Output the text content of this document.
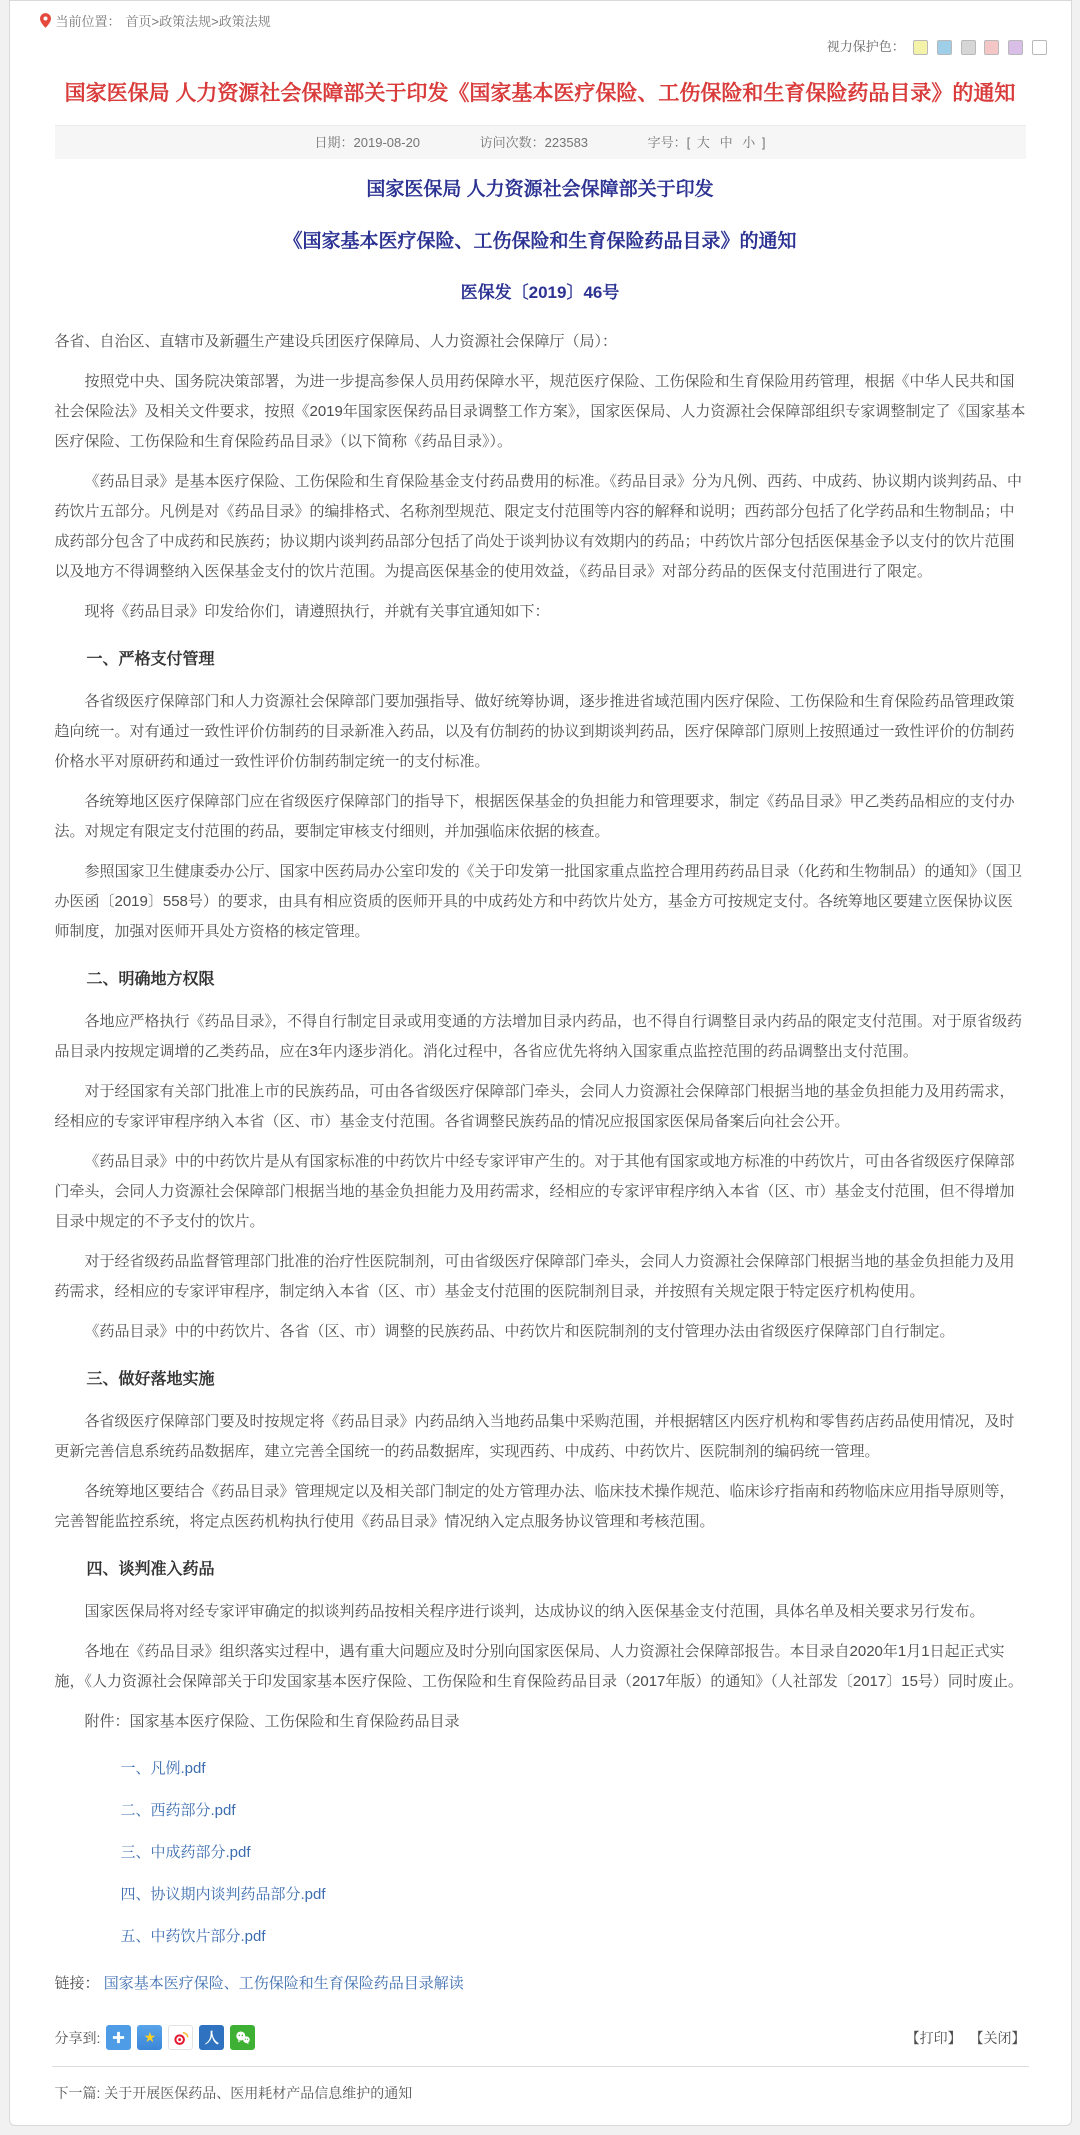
当前位置： 首页>政策法规>政策法规
视力保护色：
国家医保局 人力资源社会保障部关于印发《国家基本医疗保险、工伤保险和生育保险药品目录》的通知
日期：2019-08-20	访问次数：223583	字号：[ 大 中 小 ]
国家医保局 人力资源社会保障部关于印发
《国家基本医疗保险、工伤保险和生育保险药品目录》的通知
医保发〔2019〕46号

各省、自治区、直辖市及新疆生产建设兵团医疗保障局、人力资源社会保障厅（局）：

按照党中央、国务院决策部署，为进一步提高参保人员用药保障水平，规范医疗保险、工伤保险和生育保险用药管理，根据《中华人民共和国社会保险法》及相关文件要求，按照《2019年国家医保药品目录调整工作方案》，国家医保局、人力资源社会保障部组织专家调整制定了《国家基本医疗保险、工伤保险和生育保险药品目录》（以下简称《药品目录》）。

《药品目录》是基本医疗保险、工伤保险和生育保险基金支付药品费用的标准。《药品目录》分为凡例、西药、中成药、协议期内谈判药品、中药饮片五部分。凡例是对《药品目录》的编排格式、名称剂型规范、限定支付范围等内容的解释和说明；西药部分包括了化学药品和生物制品；中成药部分包含了中成药和民族药；协议期内谈判药品部分包括了尚处于谈判协议有效期内的药品；中药饮片部分包括医保基金予以支付的饮片范围以及地方不得调整纳入医保基金支付的饮片范围。为提高医保基金的使用效益，《药品目录》对部分药品的医保支付范围进行了限定。

现将《药品目录》印发给你们，请遵照执行，并就有关事宜通知如下：

一、严格支付管理

各省级医疗保障部门和人力资源社会保障部门要加强指导、做好统筹协调，逐步推进省域范围内医疗保险、工伤保险和生育保险药品管理政策趋向统一。对有通过一致性评价仿制药的目录新准入药品，以及有仿制药的协议到期谈判药品，医疗保障部门原则上按照通过一致性评价的仿制药价格水平对原研药和通过一致性评价仿制药制定统一的支付标准。

各统筹地区医疗保障部门应在省级医疗保障部门的指导下，根据医保基金的负担能力和管理要求，制定《药品目录》甲乙类药品相应的支付办法。对规定有限定支付范围的药品，要制定审核支付细则，并加强临床依据的核查。

参照国家卫生健康委办公厅、国家中医药局办公室印发的《关于印发第一批国家重点监控合理用药药品目录（化药和生物制品）的通知》（国卫办医函〔2019〕558号）的要求，由具有相应资质的医师开具的中成药处方和中药饮片处方，基金方可按规定支付。各统筹地区要建立医保协议医师制度，加强对医师开具处方资格的核定管理。

二、明确地方权限

各地应严格执行《药品目录》，不得自行制定目录或用变通的方法增加目录内药品，也不得自行调整目录内药品的限定支付范围。对于原省级药品目录内按规定调增的乙类药品，应在3年内逐步消化。消化过程中，各省应优先将纳入国家重点监控范围的药品调整出支付范围。

对于经国家有关部门批准上市的民族药品，可由各省级医疗保障部门牵头，会同人力资源社会保障部门根据当地的基金负担能力及用药需求，经相应的专家评审程序纳入本省（区、市）基金支付范围。各省调整民族药品的情况应报国家医保局备案后向社会公开。

《药品目录》中的中药饮片是从有国家标准的中药饮片中经专家评审产生的。对于其他有国家或地方标准的中药饮片，可由各省级医疗保障部门牵头，会同人力资源社会保障部门根据当地的基金负担能力及用药需求，经相应的专家评审程序纳入本省（区、市）基金支付范围，但不得增加目录中规定的不予支付的饮片。

对于经省级药品监督管理部门批准的治疗性医院制剂，可由省级医疗保障部门牵头，会同人力资源社会保障部门根据当地的基金负担能力及用药需求，经相应的专家评审程序，制定纳入本省（区、市）基金支付范围的医院制剂目录，并按照有关规定限于特定医疗机构使用。

《药品目录》中的中药饮片、各省（区、市）调整的民族药品、中药饮片和医院制剂的支付管理办法由省级医疗保障部门自行制定。

三、做好落地实施

各省级医疗保障部门要及时按规定将《药品目录》内药品纳入当地药品集中采购范围，并根据辖区内医疗机构和零售药店药品使用情况，及时更新完善信息系统药品数据库，建立完善全国统一的药品数据库，实现西药、中成药、中药饮片、医院制剂的编码统一管理。

各统筹地区要结合《药品目录》管理规定以及相关部门制定的处方管理办法、临床技术操作规范、临床诊疗指南和药物临床应用指导原则等，完善智能监控系统，将定点医药机构执行使用《药品目录》情况纳入定点服务协议管理和考核范围。

四、谈判准入药品

国家医保局将对经专家评审确定的拟谈判药品按相关程序进行谈判，达成协议的纳入医保基金支付范围，具体名单及相关要求另行发布。

各地在《药品目录》组织落实过程中，遇有重大问题应及时分别向国家医保局、人力资源社会保障部报告。本目录自2020年1月1日起正式实施，《人力资源社会保障部关于印发国家基本医疗保险、工伤保险和生育保险药品目录（2017年版）的通知》（人社部发〔2017〕15号）同时废止。

附件：国家基本医疗保险、工伤保险和生育保险药品目录

一、凡例.pdf
二、西药部分.pdf
三、中成药部分.pdf
四、协议期内谈判药品部分.pdf
五、中药饮片部分.pdf

链接： 国家基本医疗保险、工伤保险和生育保险药品目录解读

分享到:	★	人	【打印】 【关闭】
下一篇: 关于开展医保药品、医用耗材产品信息维护的通知
